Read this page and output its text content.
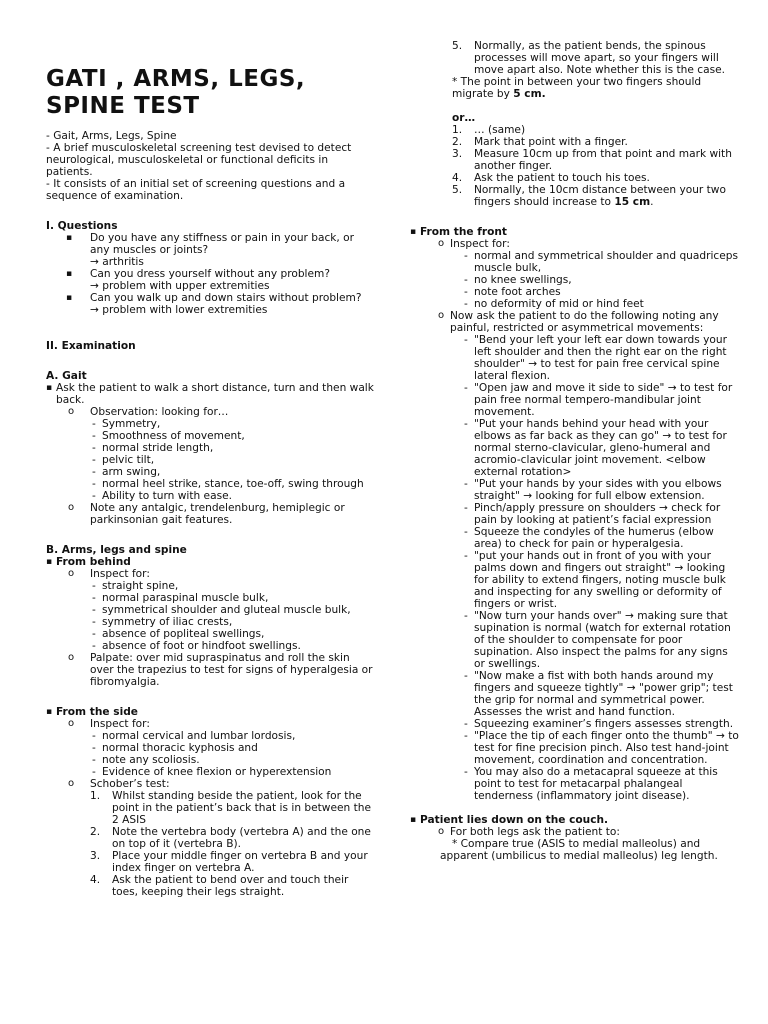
GATI , ARMS, LEGS, SPINE TEST

- Gait, Arms, Legs, Spine

- A brief musculoskeletal screening test devised to detect neurological, musculoskeletal or functional deficits in patients.

- It consists of an initial set of screening questions and a sequence of examination.

I. Questions

▪ Do you have any stiffness or pain in your back, or any muscles or joints?
→ arthritis
▪ Can you dress yourself without any problem?
→ problem with upper extremities
▪ Can you walk up and down stairs without problem?
→ problem with lower extremities

II. Examination

A. Gait

▪ Ask the patient to walk a short distance, turn and then walk back.
o Observation: looking for…
- Symmetry,
- Smoothness of movement,
- normal stride length,
- pelvic tilt,
- arm swing,
- normal heel strike, stance, toe-off, swing through
- Ability to turn with ease.
o Note any antalgic, trendelenburg, hemiplegic or parkinsonian gait features.

B. Arms, legs and spine

▪ From behind
o Inspect for:
- straight spine,
- normal paraspinal muscle bulk,
- symmetrical shoulder and gluteal muscle bulk,
- symmetry of iliac crests,
- absence of popliteal swellings,
- absence of foot or hindfoot swellings.
o Palpate: over mid supraspinatus and roll the skin over the trapezius to test for signs of hyperalgesia or fibromyalgia.
▪ From the side
o Inspect for:
- normal cervical and lumbar lordosis,
- normal thoracic kyphosis and
- note any scoliosis.
- Evidence of knee flexion or hyperextension
o Schober’s test:
1. Whilst standing beside the patient, look for the point in the patient’s back that is in between the 2 ASIS
2. Note the vertebra body (vertebra A) and the one on top of it (vertebra B).
3. Place your middle finger on vertebra B and your index finger on vertebra A.
4. Ask the patient to bend over and touch their toes, keeping their legs straight.
5. Normally, as the patient bends, the spinous processes will move apart, so your fingers will move apart also. Note whether this is the case.

* The point in between your two fingers should migrate by 5 cm.

or…

1. … (same)
2. Mark that point with a finger.
3. Measure 10cm up from that point and mark with another finger.
4. Ask the patient to touch his toes.
5. Normally, the 10cm distance between your two fingers should increase to 15 cm.
▪ From the front
o Inspect for:
- normal and symmetrical shoulder and quadriceps muscle bulk,
- no knee swellings,
- note foot arches
- no deformity of mid or hind feet
o Now ask the patient to do the following noting any painful, restricted or asymmetrical movements:
- "Bend your left your left ear down towards your left shoulder and then the right ear on the right shoulder" → to test for pain free cervical spine lateral flexion.
- "Open jaw and move it side to side" → to test for pain free normal tempero-mandibular joint movement.
- "Put your hands behind your head with your elbows as far back as they can go" → to test for normal sterno-clavicular, gleno-humeral and acromio-clavicular joint movement. <elbow external rotation>
- "Put your hands by your sides with you elbows straight" → looking for full elbow extension.
- Pinch/apply pressure on shoulders → check for pain by looking at patient’s facial expression
- Squeeze the condyles of the humerus (elbow area) to check for pain or hyperalgesia.
- "put your hands out in front of you with your palms down and fingers out straight" → looking for ability to extend fingers, noting muscle bulk and inspecting for any swelling or deformity of fingers or wrist.
- "Now turn your hands over" → making sure that supination is normal (watch for external rotation of the shoulder to compensate for poor supination. Also inspect the palms for any signs or swellings.
- "Now make a fist with both hands around my fingers and squeeze tightly" → "power grip"; test the grip for normal and symmetrical power. Assesses the wrist and hand function.
- Squeezing examiner’s fingers assesses strength.
- "Place the tip of each finger onto the thumb" → to test for fine precision pinch. Also test hand-joint movement, coordination and concentration.
- You may also do a metacapral squeeze at this point to test for metacarpal phalangeal tenderness (inflammatory joint disease).
▪ Patient lies down on the couch.
o For both legs ask the patient to:

* Compare true (ASIS to medial malleolus) and apparent (umbilicus to medial malleolus) leg length.
